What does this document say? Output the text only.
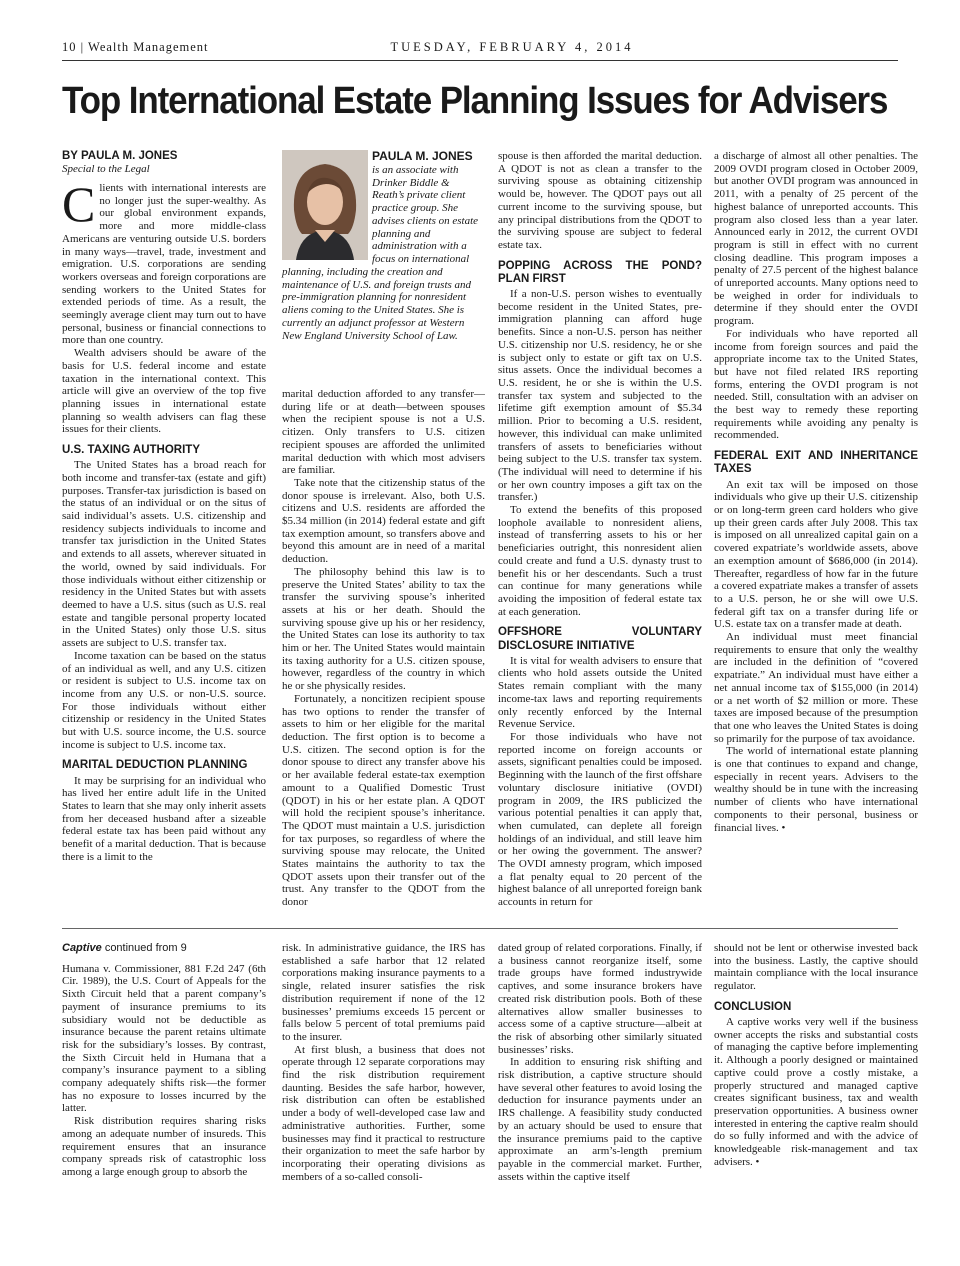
10 | Wealth Management	TUESDAY, FEBRUARY 4, 2014
Top International Estate Planning Issues for Advisers
BY PAULA M. JONES
Special to the Legal

Clients with international interests are no longer just the super-wealthy. As our global environment expands, more and more middle-class Americans are venturing outside U.S. borders in many ways—travel, trade, investment and emigration. U.S. corporations are sending workers overseas and foreign corporations are sending workers to the United States for extended periods of time. As a result, the seemingly average client may turn out to have personal, business or financial connections to more than one country.

Wealth advisers should be aware of the basis for U.S. federal income and estate taxation in the international context. This article will give an overview of the top five planning issues in international estate planning so wealth advisers can flag these issues for their clients.

U.S. TAXING AUTHORITY

The United States has a broad reach for both income and transfer-tax (estate and gift) purposes. Transfer-tax jurisdiction is based on the status of an individual or on the situs of said individual’s assets. U.S. citizenship and residency subjects individuals to income and transfer tax jurisdiction in the United States and extends to all assets, wherever situated in the world, owned by said individuals. For those individuals without either citizenship or residency in the United States but with assets deemed to have a U.S. situs (such as U.S. real estate and tangible personal property located in the United States) only those U.S. situs assets are subject to U.S. transfer tax.

Income taxation can be based on the status of an individual as well, and any U.S. citizen or resident is subject to U.S. income tax on income from any U.S. or non-U.S. source. For those individuals without either citizenship or residency in the United States but with U.S. source income, the U.S. source income is subject to U.S. income tax.

MARITAL DEDUCTION PLANNING

It may be surprising for an individual who has lived her entire adult life in the United States to learn that she may only inherit assets from her deceased husband after a sizeable federal estate tax has been paid without any benefit of a marital deduction. That is because there is a limit to the

PAULA M. JONES is an associate with Drinker Biddle & Reath’s private client practice group. She advises clients on estate planning and administration with a focus on international planning, including the creation and maintenance of U.S. and foreign trusts and pre-immigration planning for nonresident aliens coming to the United States. She is currently an adjunct professor at Western New England University School of Law.

marital deduction afforded to any transfer—during life or at death—between spouses when the recipient spouse is not a U.S. citizen. Only transfers to U.S. citizen recipient spouses are afforded the unlimited marital deduction with which most advisers are familiar.

Take note that the citizenship status of the donor spouse is irrelevant. Also, both U.S. citizens and U.S. residents are afforded the $5.34 million (in 2014) federal estate and gift tax exemption amount, so transfers above and beyond this amount are in need of a marital deduction.

The philosophy behind this law is to preserve the United States’ ability to tax the transfer the surviving spouse’s inherited assets at his or her death. Should the surviving spouse give up his or her residency, the United States can lose its authority to tax him or her. The United States would maintain its taxing authority for a U.S. citizen spouse, however, regardless of the country in which he or she physically resides.

Fortunately, a noncitizen recipient spouse has two options to render the transfer of assets to him or her eligible for the marital deduction. The first option is to become a U.S. citizen. The second option is for the donor spouse to direct any transfer above his or her available federal estate-tax exemption amount to a Qualified Domestic Trust (QDOT) in his or her estate plan. A QDOT will hold the recipient spouse’s inheritance. The QDOT must maintain a U.S. jurisdiction for tax purposes, so regardless of where the surviving spouse may relocate, the United States maintains the authority to tax the QDOT assets upon their transfer out of the trust. Any transfer to the QDOT from the donor

spouse is then afforded the marital deduction. A QDOT is not as clean a transfer to the surviving spouse as obtaining citizenship would be, however. The QDOT pays out all current income to the surviving spouse, but any principal distributions from the QDOT to the surviving spouse are subject to federal estate tax.

POPPING ACROSS THE POND? PLAN FIRST

If a non-U.S. person wishes to eventually become resident in the United States, pre-immigration planning can afford huge benefits. Since a non-U.S. person has neither U.S. citizenship nor U.S. residency, he or she is subject only to estate or gift tax on U.S. situs assets. Once the individual becomes a U.S. resident, he or she is within the U.S. transfer tax system and subjected to the lifetime gift exemption amount of $5.34 million. Prior to becoming a U.S. resident, however, this individual can make unlimited transfers of assets to beneficiaries without being subject to the U.S. transfer tax system. (The individual will need to determine if his or her own country imposes a gift tax on the transfer.)

To extend the benefits of this proposed loophole available to nonresident aliens, instead of transferring assets to his or her beneficiaries outright, this nonresident alien could create and fund a U.S. dynasty trust to benefit his or her descendants. Such a trust can continue for many generations while avoiding the imposition of federal estate tax at each generation.

OFFSHORE VOLUNTARY DISCLOSURE INITIATIVE

It is vital for wealth advisers to ensure that clients who hold assets outside the United States remain compliant with the many income-tax laws and reporting requirements only recently enforced by the Internal Revenue Service.

For those individuals who have not reported income on foreign accounts or assets, significant penalties could be imposed. Beginning with the launch of the first offshare voluntary disclosure initiative (OVDI) program in 2009, the IRS publicized the various potential penalties it can apply that, when cumulated, can deplete all foreign holdings of an individual, and still leave him or her owing the government. The answer? The OVDI amnesty program, which imposed a flat penalty equal to 20 percent of the highest balance of all unreported foreign bank accounts in return for

a discharge of almost all other penalties. The 2009 OVDI program closed in October 2009, but another OVDI program was announced in 2011, with a penalty of 25 percent of the highest balance of unreported accounts. This program also closed less than a year later. Announced early in 2012, the current OVDI program is still in effect with no current closing deadline. This program imposes a penalty of 27.5 percent of the highest balance of unreported accounts. Many options need to be weighed in order for individuals to determine if they should enter the OVDI program.

For individuals who have reported all income from foreign sources and paid the appropriate income tax to the United States, but have not filed related IRS reporting forms, entering the OVDI program is not needed. Still, consultation with an adviser on the best way to remedy these reporting requirements while avoiding any penalty is recommended.

FEDERAL EXIT AND INHERITANCE TAXES

An exit tax will be imposed on those individuals who give up their U.S. citizenship or on long-term green card holders who give up their green cards after July 2008. This tax is imposed on all unrealized capital gain on a covered expatriate’s worldwide assets, above an exemption amount of $686,000 (in 2014). Thereafter, regardless of how far in the future a covered expatriate makes a transfer of assets to a U.S. person, he or she will owe U.S. federal gift tax on a transfer during life or U.S. estate tax on a transfer made at death.

An individual must meet financial requirements to ensure that only the wealthy are included in the definition of “covered expatriate.” An individual must have either a net annual income tax of $155,000 (in 2014) or a net worth of $2 million or more. These taxes are imposed because of the presumption that one who leaves the United States is doing so primarily for the purpose of tax avoidance.

The world of international estate planning is one that continues to expand and change, especially in recent years. Advisers to the wealthy should be in tune with the increasing number of clients who have international components to their personal, business or financial lives. •

Captive continued from 9

Humana v. Commissioner, 881 F.2d 247 (6th Cir. 1989), the U.S. Court of Appeals for the Sixth Circuit held that a parent company’s payment of insurance premiums to its subsidiary would not be deductible as insurance because the parent retains ultimate risk for the subsidiary’s losses. By contrast, the Sixth Circuit held in Humana that a company’s insurance payment to a sibling company adequately shifts risk—the former has no exposure to losses incurred by the latter.

Risk distribution requires sharing risks among an adequate number of insureds. This requirement ensures that an insurance company spreads risk of catastrophic loss among a large enough group to absorb the

risk. In administrative guidance, the IRS has established a safe harbor that 12 related corporations making insurance payments to a single, related insurer satisfies the risk distribution requirement if none of the 12 businesses’ premiums exceeds 15 percent or falls below 5 percent of total premiums paid to the insurer.

At first blush, a business that does not operate through 12 separate corporations may find the risk distribution requirement daunting. Besides the safe harbor, however, risk distribution can often be established under a body of well-developed case law and administrative authorities. Further, some businesses may find it practical to restructure their organization to meet the safe harbor by incorporating their operating divisions as members of a so-called consoli-

dated group of related corporations. Finally, if a business cannot reorganize itself, some trade groups have formed industrywide captives, and some insurance brokers have created risk distribution pools. Both of these alternatives allow smaller businesses to access some of a captive structure—albeit at the risk of absorbing other similarly situated businesses’ risks.

In addition to ensuring risk shifting and risk distribution, a captive structure should have several other features to avoid losing the deduction for insurance payments under an IRS challenge. A feasibility study conducted by an actuary should be used to ensure that the insurance premiums paid to the captive approximate an arm’s-length premium payable in the commercial market. Further, assets within the captive itself

should not be lent or otherwise invested back into the business. Lastly, the captive should maintain compliance with the local insurance regulator.

CONCLUSION

A captive works very well if the business owner accepts the risks and substantial costs of managing the captive before implementing it. Although a poorly designed or maintained captive could prove a costly mistake, a properly structured and managed captive creates significant business, tax and wealth preservation opportunities. A business owner interested in entering the captive realm should do so fully informed and with the advice of knowledgeable risk-management and tax advisers. •
